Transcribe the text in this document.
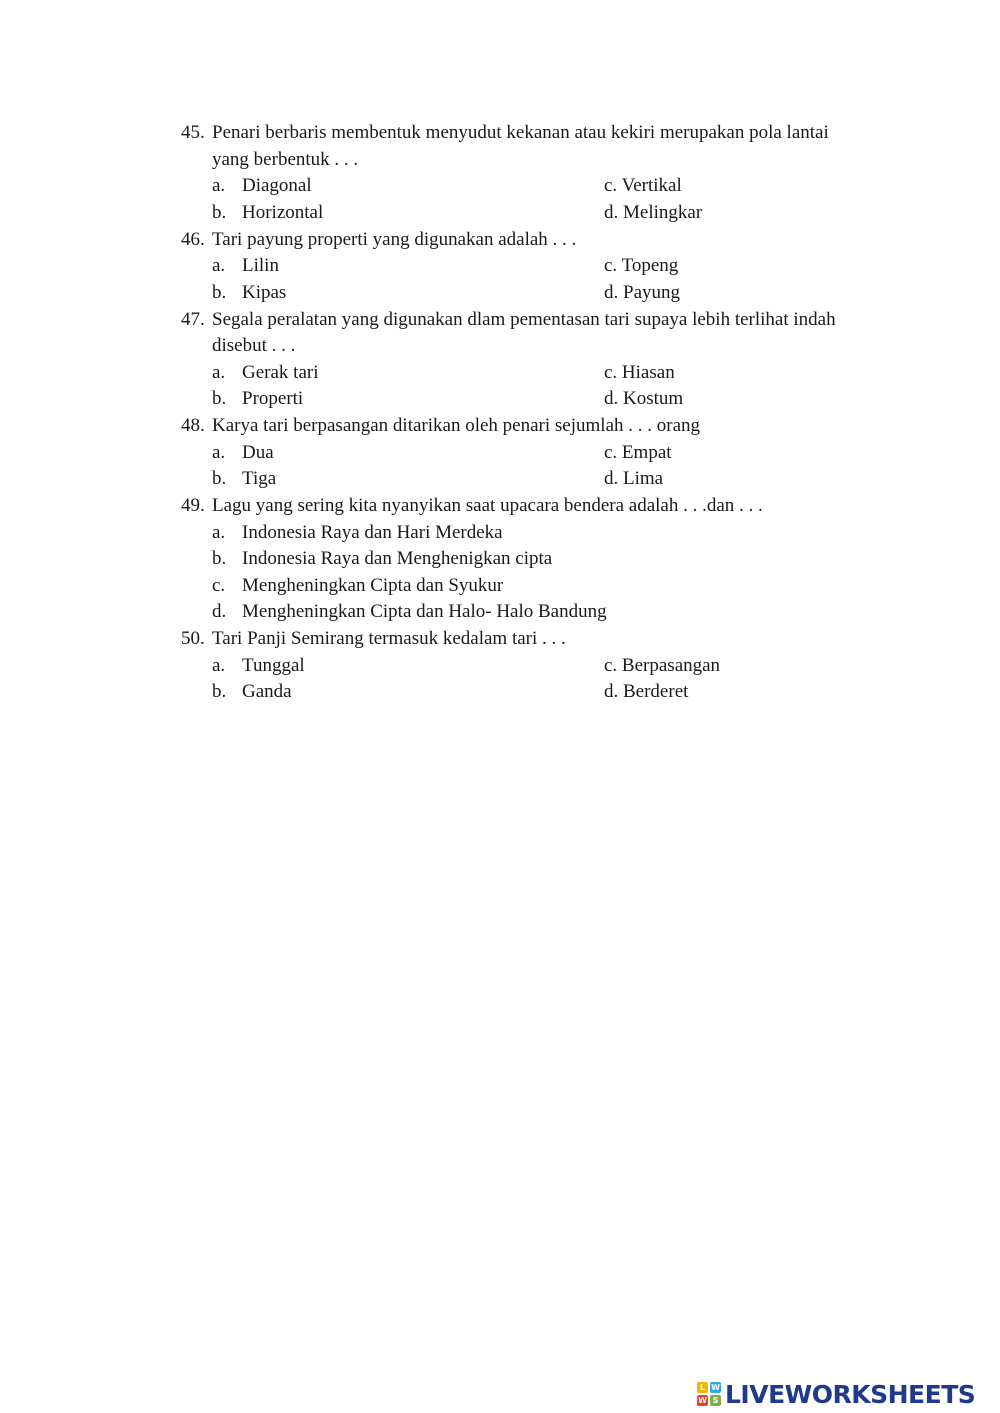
45. Penari berbaris membentuk menyudut kekanan atau kekiri merupakan pola lantai
yang berbentuk . . .
a. Diagonal	c. Vertikal
b. Horizontal	d. Melingkar
46. Tari payung properti yang digunakan adalah . . .
a. Lilin	c. Topeng
b. Kipas	d. Payung
47. Segala peralatan yang digunakan dlam pementasan tari supaya lebih terlihat indah
disebut . . .
a. Gerak tari	c. Hiasan
b. Properti	d. Kostum
48. Karya tari berpasangan ditarikan oleh penari sejumlah . . . orang
a. Dua	c. Empat
b. Tiga	d. Lima
49. Lagu yang sering kita nyanyikan saat upacara bendera adalah . . .dan . . .
a. Indonesia Raya dan Hari Merdeka
b. Indonesia Raya dan Menghenigkan cipta
c. Mengheningkan Cipta dan Syukur
d. Mengheningkan Cipta dan Halo- Halo Bandung
50. Tari Panji Semirang termasuk kedalam tari . . .
a. Tunggal	c. Berpasangan
b. Ganda	d. Berderet
L W
W S LIVEWORKSHEETS
